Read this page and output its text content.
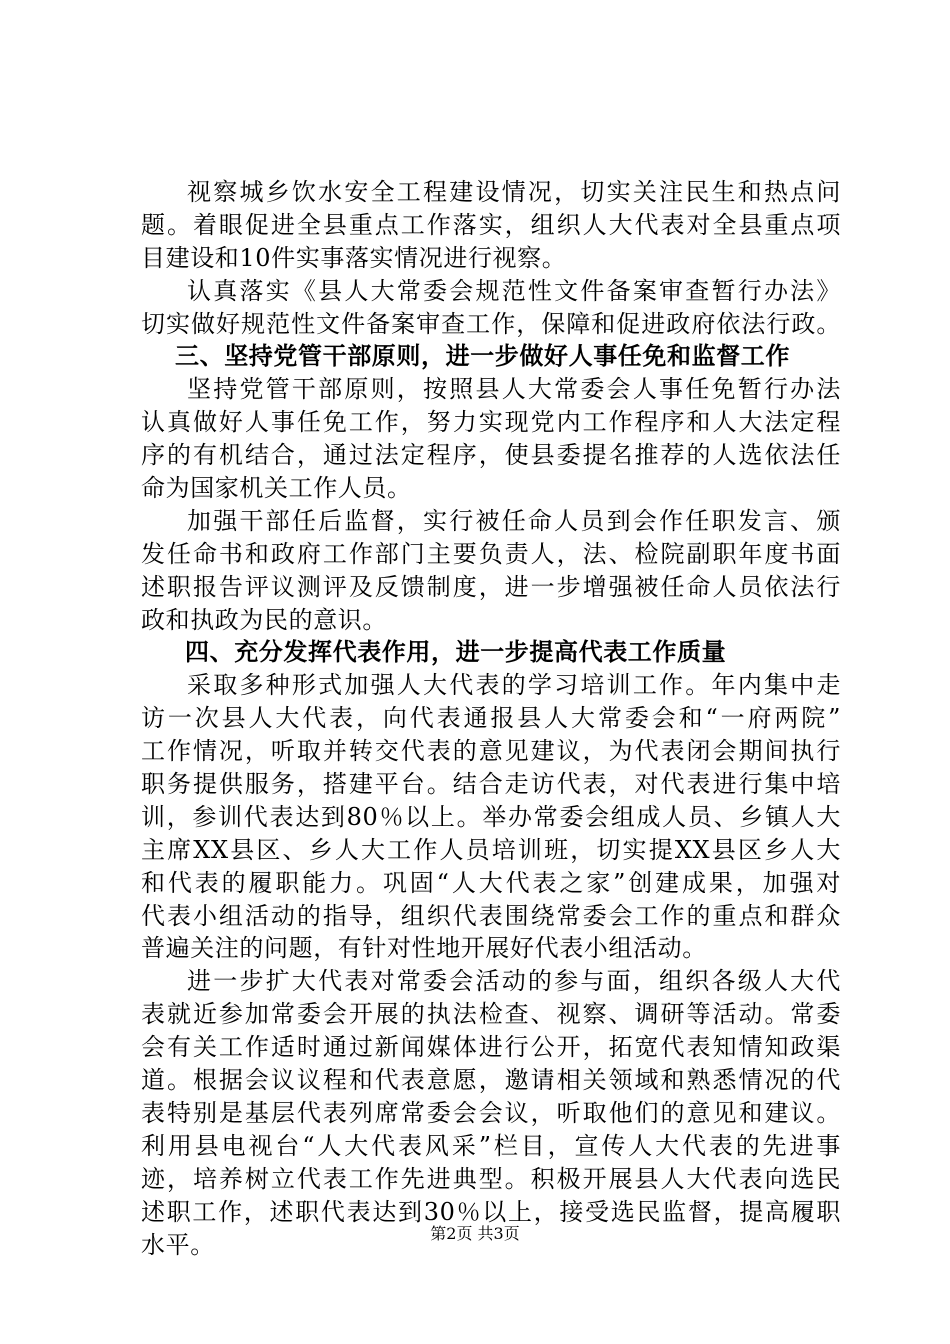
视察城乡饮水安全工程建设情况，切实关注民生和热点问
题。着眼促进全县重点工作落实，组织人大代表对全县重点项
目建设和10件实事落实情况进行视察。
认真落实《县人大常委会规范性文件备案审查暂行办法》
切实做好规范性文件备案审查工作，保障和促进政府依法行政。
三、坚持党管干部原则，进一步做好人事任免和监督工作
坚持党管干部原则，按照县人大常委会人事任免暂行办法
认真做好人事任免工作，努力实现党内工作程序和人大法定程
序的有机结合，通过法定程序，使县委提名推荐的人选依法任
命为国家机关工作人员。
加强干部任后监督，实行被任命人员到会作任职发言、颁
发任命书和政府工作部门主要负责人，法、检院副职年度书面
述职报告评议测评及反馈制度，进一步增强被任命人员依法行
政和执政为民的意识。
四、充分发挥代表作用，进一步提高代表工作质量
采取多种形式加强人大代表的学习培训工作。年内集中走
访一次县人大代表，向代表通报县人大常委会和“一府两院”
工作情况，听取并转交代表的意见建议，为代表闭会期间执行
职务提供服务，搭建平台。结合走访代表，对代表进行集中培
训，参训代表达到80％以上。举办常委会组成人员、乡镇人大
主席XX县区、乡人大工作人员培训班，切实提XX县区乡人大
和代表的履职能力。巩固“人大代表之家”创建成果，加强对
代表小组活动的指导，组织代表围绕常委会工作的重点和群众
普遍关注的问题，有针对性地开展好代表小组活动。
进一步扩大代表对常委会活动的参与面，组织各级人大代
表就近参加常委会开展的执法检查、视察、调研等活动。常委
会有关工作适时通过新闻媒体进行公开，拓宽代表知情知政渠
道。根据会议议程和代表意愿，邀请相关领域和熟悉情况的代
表特别是基层代表列席常委会会议，听取他们的意见和建议。
利用县电视台“人大代表风采”栏目，宣传人大代表的先进事
迹，培养树立代表工作先进典型。积极开展县人大代表向选民
述职工作，述职代表达到30％以上，接受选民监督，提高履职
水平。	第2页 共3页
